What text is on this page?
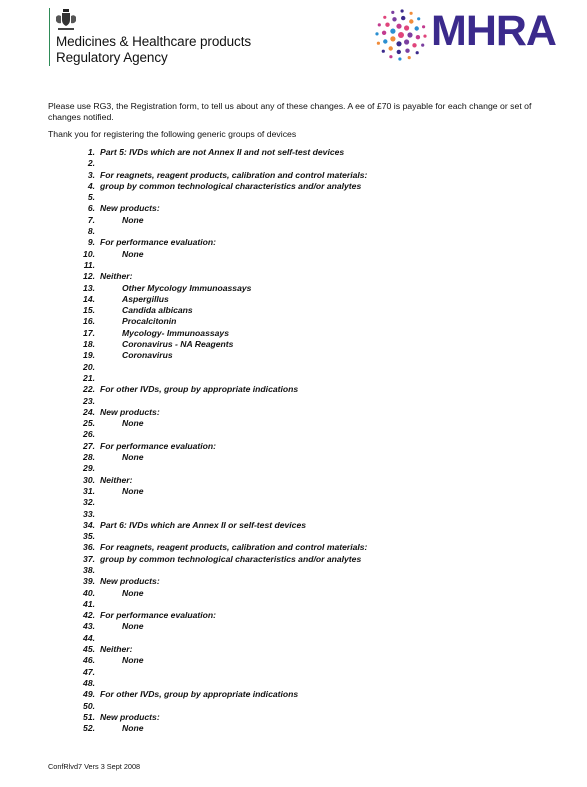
Medicines & Healthcare products
Regulatory Agency
MHRA
Please use RG3, the Registration form, to tell us about any of these changes. A ee of £70 is payable for each change or set of changes notified.
Thank you for registering the following generic groups of devices
1. Part 5: IVDs which are not Annex II and not self-test devices
2.
3. For reagnets, reagent products, calibration and control materials:
4. group by common technological characteristics and/or analytes
5.
6. New products:
7.	None
8.
9. For performance evaluation:
10.	None
11.
12. Neither:
13.	Other Mycology Immunoassays
14.	Aspergillus
15.	Candida albicans
16.	Procalcitonin
17.	Mycology- Immunoassays
18.	Coronavirus - NA Reagents
19.	Coronavirus
20.
21.
22. For other IVDs, group by appropriate indications
23.
24. New products:
25.	None
26.
27. For performance evaluation:
28.	None
29.
30. Neither:
31.	None
32.
33.
34. Part 6: IVDs which are Annex II or self-test devices
35.
36. For reagnets, reagent products, calibration and control materials:
37. group by common technological characteristics and/or analytes
38.
39. New products:
40.	None
41.
42. For performance evaluation:
43.	None
44.
45. Neither:
46.	None
47.
48.
49. For other IVDs, group by appropriate indications
50.
51. New products:
52.	None
ConfRlvd7 Vers 3 Sept 2008
